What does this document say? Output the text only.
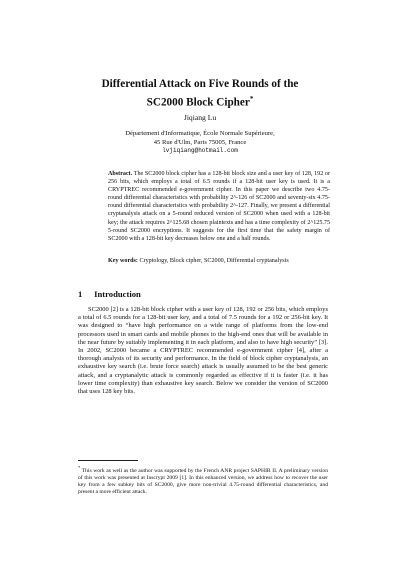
Differential Attack on Five Rounds of the
SC2000 Block Cipher*
Jiqiang Lu
Département d'Informatique, École Normale Supérieure,
45 Rue d'Ulm, Paris 75005, France
lvjiqiang@hotmail.com
Abstract. The SC2000 block cipher has a 128-bit block size and a user key of 128, 192 or 256 bits, which employs a total of 6.5 rounds if a 128-bit user key is used. It is a CRYPTREC recommended e-government cipher. In this paper we describe two 4.75-round differential characteristics with probability 2^-126 of SC2000 and seventy-six 4.75-round differential characteristics with probability 2^-127. Finally, we present a differential cryptanalysis attack on a 5-round reduced version of SC2000 when used with a 128-bit key; the attack requires 2^125.68 chosen plaintexts and has a time complexity of 2^125.75 5-round SC2000 encryptions. It suggests for the first time that the safety margin of SC2000 with a 128-bit key decreases below one and a half rounds.
Key words: Cryptology, Block cipher, SC2000, Differential cryptanalysis
1 Introduction

SC2000 [2] is a 128-bit block cipher with a user key of 128, 192 or 256 bits, which employs a total of 6.5 rounds for a 128-bit user key, and a total of 7.5 rounds for a 192 or 256-bit key. It was designed to “have high performance on a wide range of platforms from the low-end processors used in smart cards and mobile phones to the high-end ones that will be available in the near future by suitably implementing it in each platform, and also to have high security” [3]. In 2002, SC2000 became a CRYPTREC recommended e-government cipher [4], after a thorough analysis of its security and performance. In the field of block cipher cryptanalysis, an exhaustive key search (i.e. brute force search) attack is usually assumed to be the best generic attack, and a cryptanalytic attack is commonly regarded as effective if it is faster (i.e. it has lower time complexity) than exhaustive key search. Below we consider the version of SC2000 that uses 128 key bits.

* This work as well as the author was supported by the French ANR project SAPHIR II. A preliminary version of this work was presented at Inscrypt 2009 [1]. In this enhanced version, we address how to recover the user key from a few subkey bits of SC2000, give more non-trivial 4.75-round differential characteristics, and present a more efficient attack.
